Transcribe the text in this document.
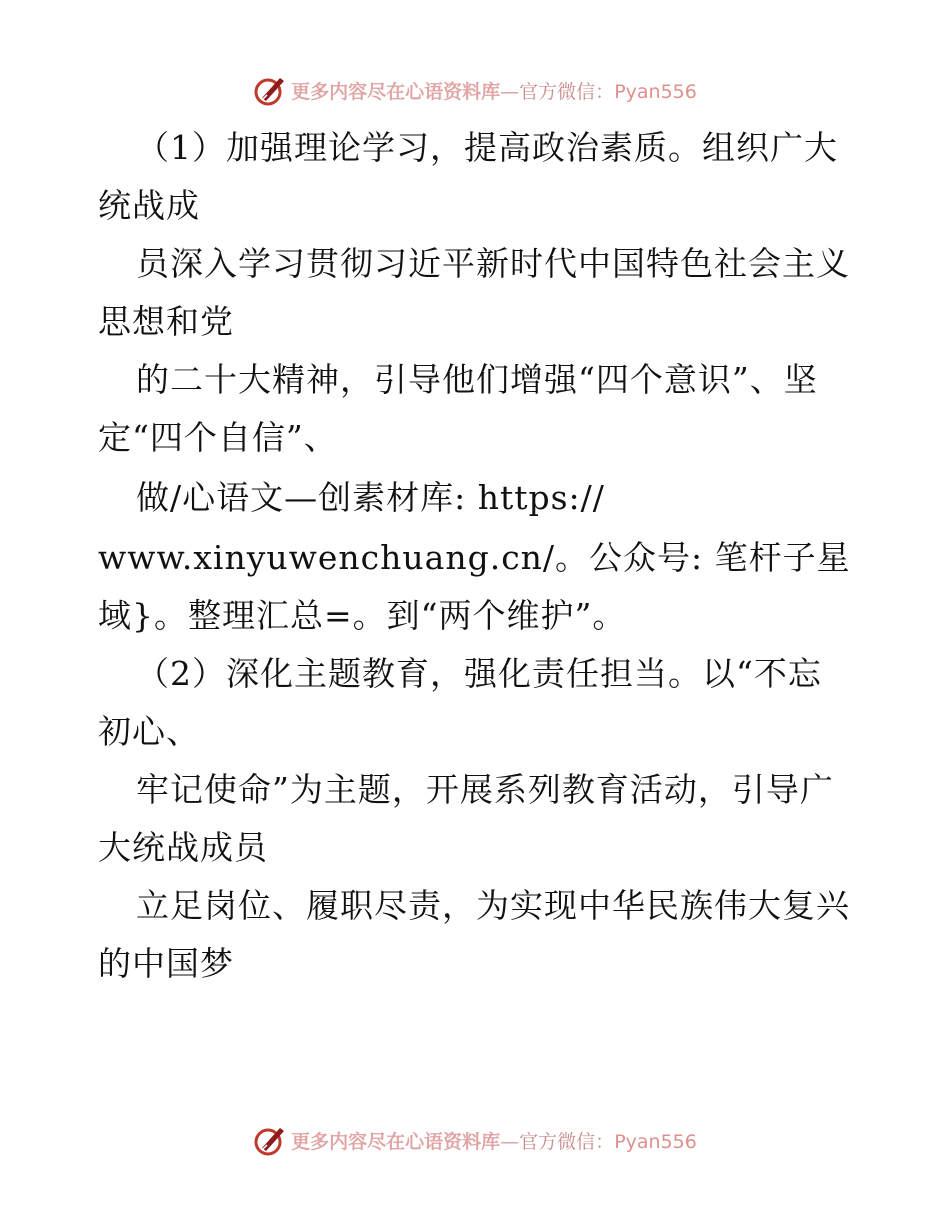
更多内容尽在心语资料库—官方微信：Pyan556
（1）加强理论学习，提高政治素质。组织广大
统战成
员深入学习贯彻习近平新时代中国特色社会主义
思想和党
的二十大精神，引导他们增强“四个意识”、坚
定“四个自信”、
做/心语文—创素材库: https://
www.xinyuwenchuang.cn/。公众号: 笔杆子星
域}。整理汇总=。到“两个维护”。
（2）深化主题教育，强化责任担当。以“不忘
初心、
牢记使命”为主题，开展系列教育活动，引导广
大统战成员
立足岗位、履职尽责，为实现中华民族伟大复兴
的中国梦
更多内容尽在心语资料库—官方微信：Pyan556
